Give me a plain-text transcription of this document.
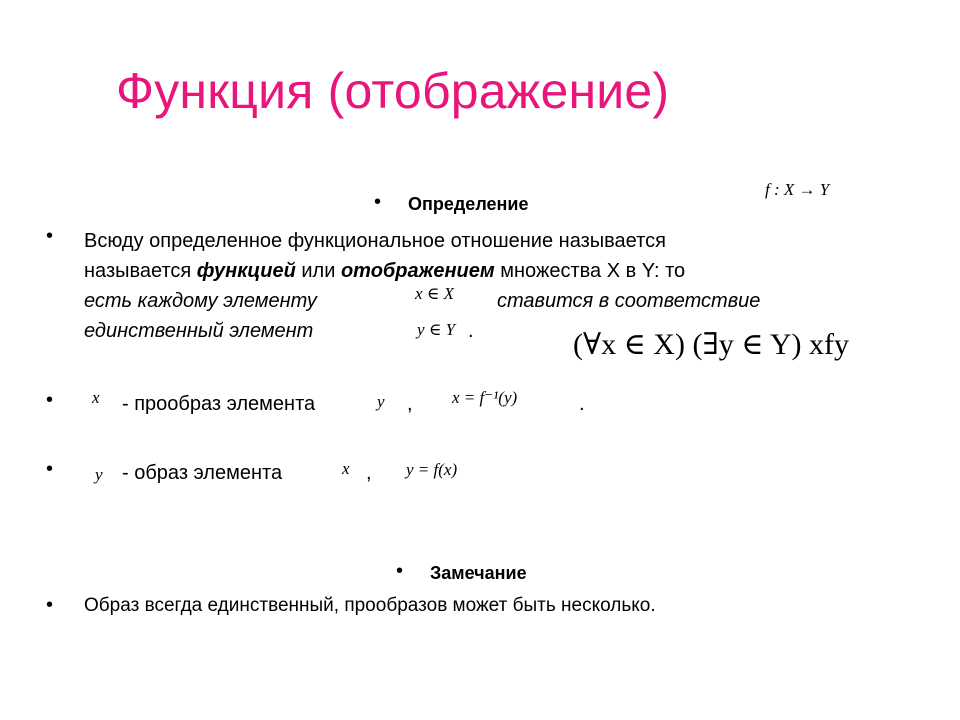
Функция (отображение)
f : X → Y
• Определение
• Всюду определенное функциональное отношение называется
называется функцией или отображением множества X в Y: то
есть каждому элементу	x ∈ X ставится в соответствие
единственный элемент	y ∈ Y .	(∀x ∈ X) (∃y ∈ Y) xfy
• x - прообраз элемента	y , x = f⁻¹(y)	.
• y - образ элемента	x , y = f(x)
• Замечание
• Образ всегда единственный, прообразов может быть несколько.
